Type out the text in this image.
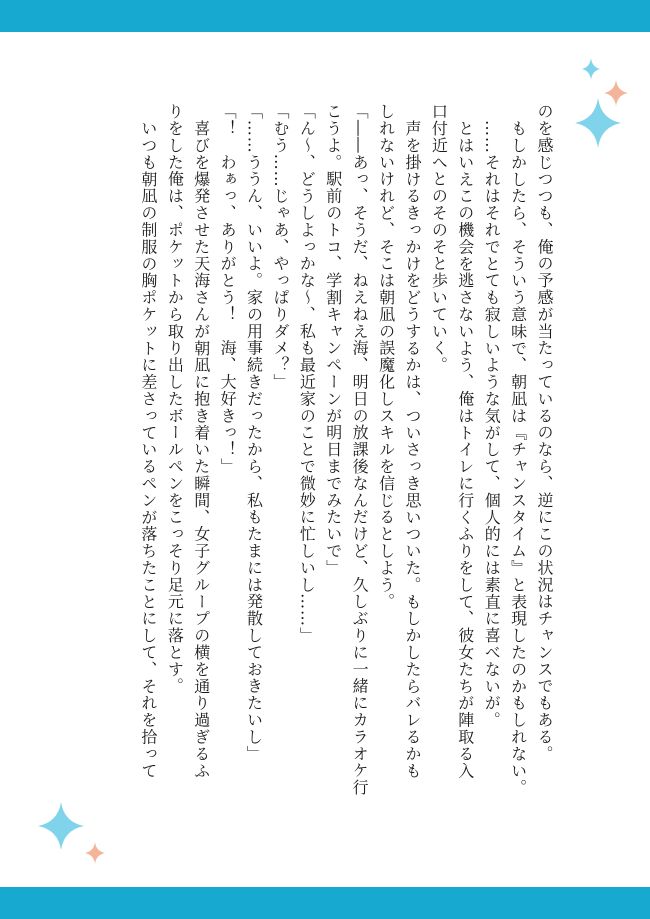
のを感じつつも、俺の予感が当たっているのなら、逆にこの状況はチャンスでもある。
もしかしたら、そういう意味で、朝凪は『チャンスタイム』と表現したのかもしれない。
……それはそれでとても寂しいような気がして、個人的には素直に喜べないが。
とはいえこの機会を逃さないよう、俺はトイレに行くふりをして、彼女たちが陣取る入
口付近へとのそのそと歩いていく。
声を掛けるきっかけをどうするかは、ついさっき思いついた。もしかしたらバレるかも
しれないけれど、そこは朝凪の誤魔化しスキルを信じるとしよう。
「――あっ、そうだ、ねえねえ海、明日の放課後なんだけど、久しぶりに一緒にカラオケ行
こうよ。駅前のトコ、学割キャンペーンが明日までみたいで」
「ん〜、どうしよっかな〜、私も最近家のことで微妙に忙しいし……」
「むう……じゃあ、やっぱりダメ？」
「……ううん、いいよ。家の用事続きだったから、私もたまには発散しておきたいし」
「！　わぁっ、ありがとう！　海、大好きっ！」
喜びを爆発させた天海さんが朝凪に抱き着いた瞬間、女子グループの横を通り過ぎるふ
りをした俺は、ポケットから取り出したボールペンをこっそり足元に落とす。
いつも朝凪の制服の胸ポケットに差さっているペンが落ちたことにして、それを拾って
